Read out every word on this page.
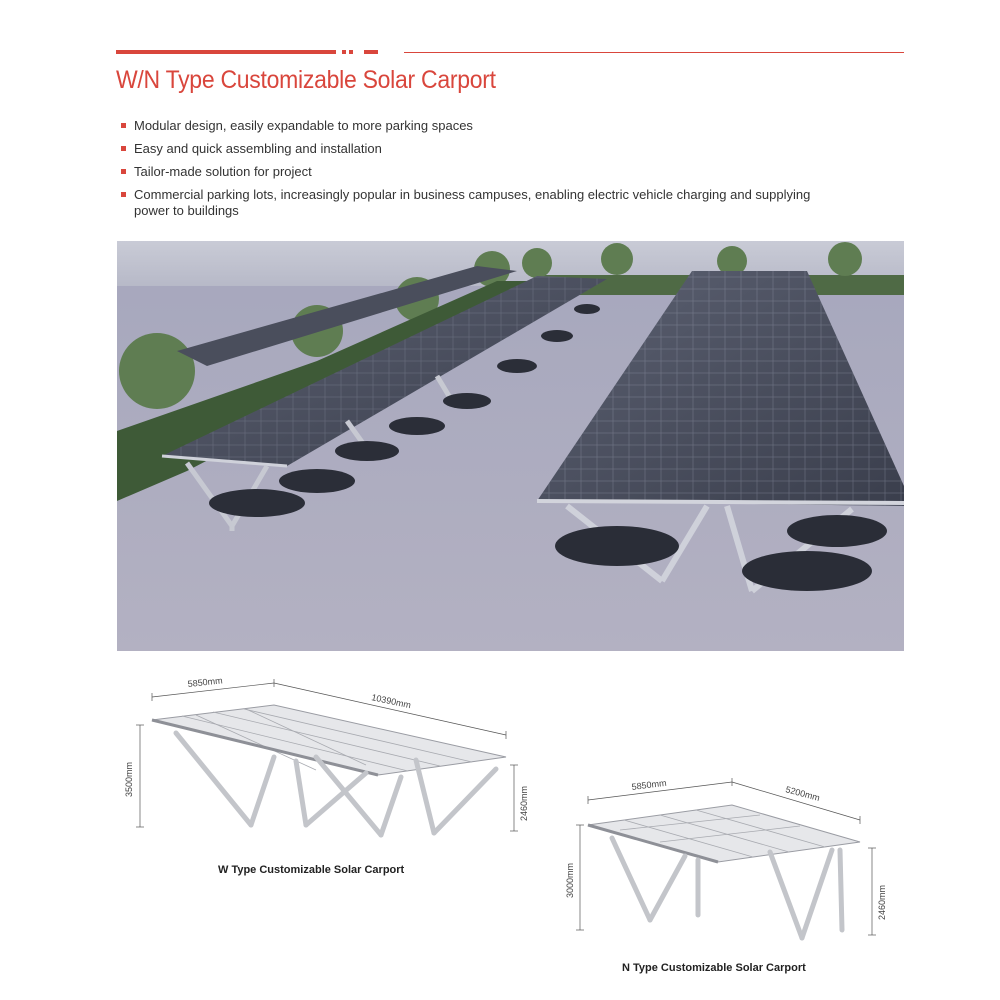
W/N Type Customizable Solar Carport
Modular design, easily expandable to more parking spaces
Easy and quick assembling and installation
Tailor-made solution for project
Commercial parking lots, increasingly popular in business campuses, enabling electric vehicle charging and supplying power to buildings
5850mm
10390mm
3500mm
2460mm
W Type Customizable Solar Carport
5850mm	5200mm
3000mm
2460mm
N Type Customizable Solar Carport
